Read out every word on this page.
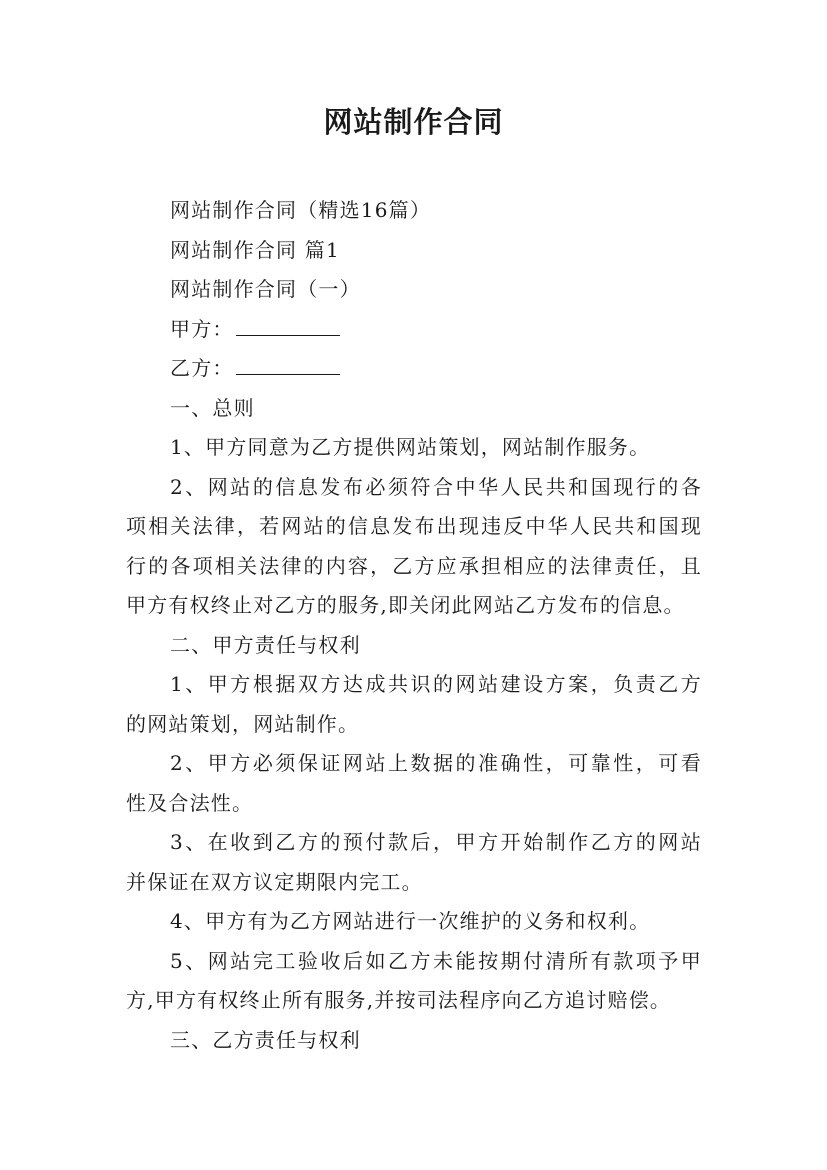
网站制作合同
网站制作合同（精选16篇）
网站制作合同 篇1
网站制作合同（一）
甲方：
乙方：
一、总则
1、甲方同意为乙方提供网站策划，网站制作服务。
2、网站的信息发布必须符合中华人民共和国现行的各
项相关法律，若网站的信息发布出现违反中华人民共和国现
行的各项相关法律的内容，乙方应承担相应的法律责任，且
甲方有权终止对乙方的服务,即关闭此网站乙方发布的信息。
二、甲方责任与权利
1、甲方根据双方达成共识的网站建设方案，负责乙方
的网站策划，网站制作。
2、甲方必须保证网站上数据的准确性，可靠性，可看
性及合法性。
3、在收到乙方的预付款后，甲方开始制作乙方的网站
并保证在双方议定期限内完工。
4、甲方有为乙方网站进行一次维护的义务和权利。
5、网站完工验收后如乙方未能按期付清所有款项予甲
方,甲方有权终止所有服务,并按司法程序向乙方追讨赔偿。
三、乙方责任与权利
